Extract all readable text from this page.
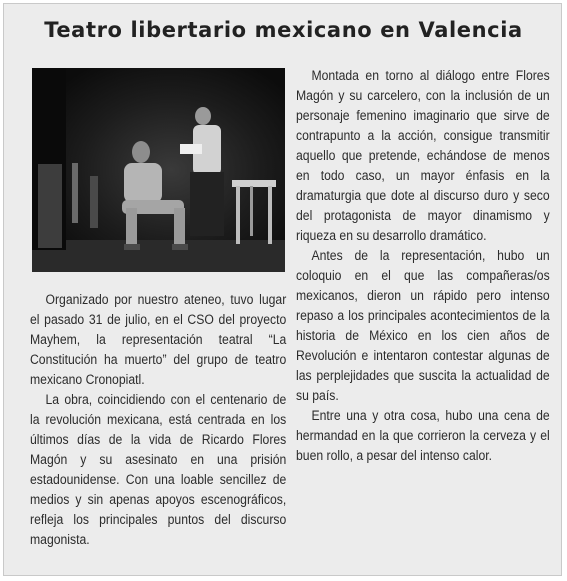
Teatro libertario mexicano en Valencia

Organizado por nuestro ateneo, tuvo lugar el pasado 31 de julio, en el CSO del proyecto Mayhem, la representación teatral “La Constitución ha muerto” del grupo de teatro mexicano Cronopiatl.

La obra, coincidiendo con el centenario de la revolución mexicana, está centrada en los últimos días de la vida de Ricardo Flores Magón y su asesinato en una prisión estadounidense. Con una loable sencillez de medios y sin apenas apoyos escenográficos, refleja los principales puntos del discurso magonista.

Montada en torno al diálogo entre Flores Magón y su carcelero, con la inclusión de un personaje femenino imaginario que sirve de contrapunto a la acción, consigue transmitir aquello que pretende, echándose de menos en todo caso, un mayor énfasis en la dramaturgia que dote al discurso duro y seco del protagonista de mayor dinamismo y riqueza en su desarrollo dramático.

Antes de la representación, hubo un coloquio en el que las compañeras/os mexicanos, dieron un rápido pero intenso repaso a los principales acontecimientos de la historia de México en los cien años de Revolución e intentaron contestar algunas de las perplejidades que suscita la actualidad de su país.

Entre una y otra cosa, hubo una cena de hermandad en la que corrieron la cerveza y el buen rollo, a pesar del intenso calor.
